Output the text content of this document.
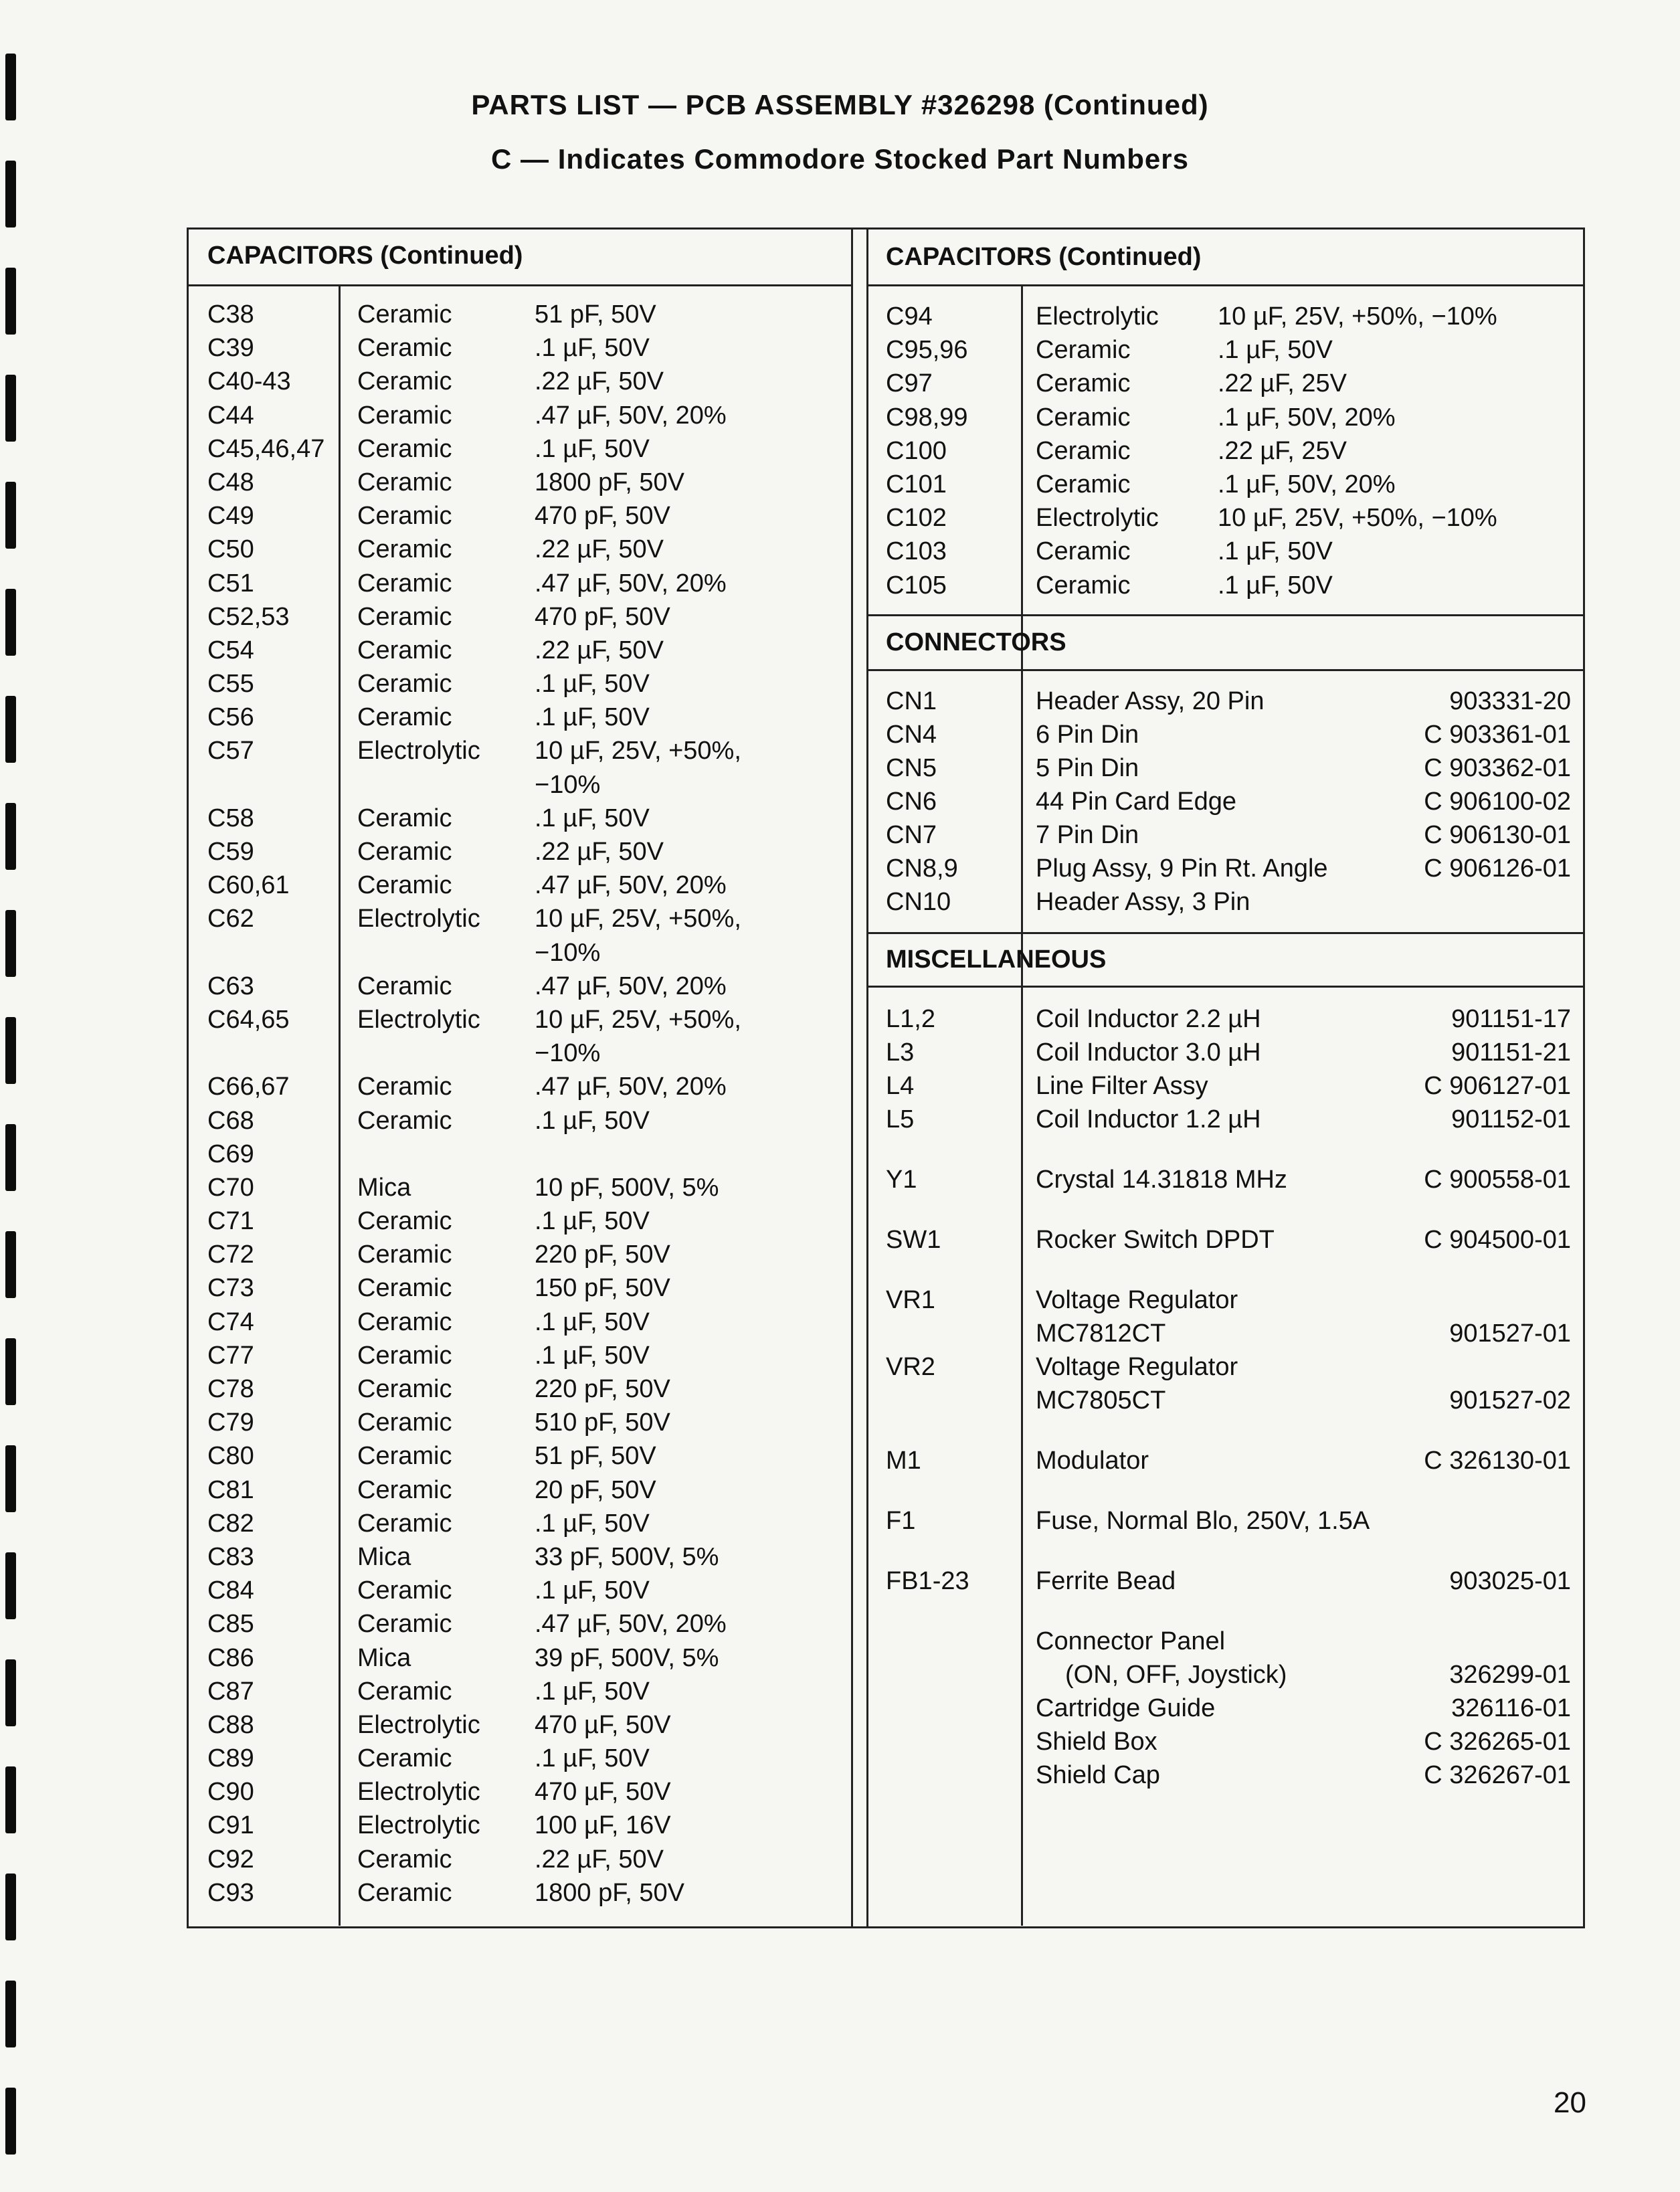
PARTS LIST — PCB ASSEMBLY #326298 (Continued)
C — Indicates Commodore Stocked Part Numbers
CAPACITORS (Continued)
C38	Ceramic	51 pF, 50V
C39	Ceramic	.1 µF, 50V
C40-43	Ceramic	.22 µF, 50V
C44	Ceramic	.47 µF, 50V, 20%
C45,46,47	Ceramic	.1 µF, 50V
C48	Ceramic	1800 pF, 50V
C49	Ceramic	470 pF, 50V
C50	Ceramic	.22 µF, 50V
C51	Ceramic	.47 µF, 50V, 20%
C52,53	Ceramic	470 pF, 50V
C54	Ceramic	.22 µF, 50V
C55	Ceramic	.1 µF, 50V
C56	Ceramic	.1 µF, 50V
C57	Electrolytic	10 µF, 25V, +50%,
−10%
C58	Ceramic	.1 µF, 50V
C59	Ceramic	.22 µF, 50V
C60,61	Ceramic	.47 µF, 50V, 20%
C62	Electrolytic	10 µF, 25V, +50%,
−10%
C63	Ceramic	.47 µF, 50V, 20%
C64,65	Electrolytic	10 µF, 25V, +50%,
−10%
C66,67	Ceramic	.47 µF, 50V, 20%
C68	Ceramic	.1 µF, 50V
C69
C70	Mica	10 pF, 500V, 5%
C71	Ceramic	.1 µF, 50V
C72	Ceramic	220 pF, 50V
C73	Ceramic	150 pF, 50V
C74	Ceramic	.1 µF, 50V
C77	Ceramic	.1 µF, 50V
C78	Ceramic	220 pF, 50V
C79	Ceramic	510 pF, 50V
C80	Ceramic	51 pF, 50V
C81	Ceramic	20 pF, 50V
C82	Ceramic	.1 µF, 50V
C83	Mica	33 pF, 500V, 5%
C84	Ceramic	.1 µF, 50V
C85	Ceramic	.47 µF, 50V, 20%
C86	Mica	39 pF, 500V, 5%
C87	Ceramic	.1 µF, 50V
C88	Electrolytic	470 µF, 50V
C89	Ceramic	.1 µF, 50V
C90	Electrolytic	470 µF, 50V
C91	Electrolytic	100 µF, 16V
C92	Ceramic	.22 µF, 50V
C93	Ceramic	1800 pF, 50V
CAPACITORS (Continued)
C94	Electrolytic	10 µF, 25V, +50%, −10%
C95,96	Ceramic	.1 µF, 50V
C97	Ceramic	.22 µF, 25V
C98,99	Ceramic	.1 µF, 50V, 20%
C100	Ceramic	.22 µF, 25V
C101	Ceramic	.1 µF, 50V, 20%
C102	Electrolytic	10 µF, 25V, +50%, −10%
C103	Ceramic	.1 µF, 50V
C105	Ceramic	.1 µF, 50V
CONNECTORS
CN1	Header Assy, 20 Pin	903331-20
CN4	6 Pin Din	C 903361-01
CN5	5 Pin Din	C 903362-01
CN6	44 Pin Card Edge	C 906100-02
CN7	7 Pin Din	C 906130-01
CN8,9	Plug Assy, 9 Pin Rt. Angle	C 906126-01
CN10	Header Assy, 3 Pin
MISCELLANEOUS
L1,2	Coil Inductor 2.2 µH	901151-17
L3	Coil Inductor 3.0 µH	901151-21
L4	Line Filter Assy	C 906127-01
L5	Coil Inductor 1.2 µH	901152-01
Y1	Crystal 14.31818 MHz	C 900558-01
SW1	Rocker Switch DPDT	C 904500-01
VR1	Voltage Regulator
MC7812CT	901527-01
VR2	Voltage Regulator
MC7805CT	901527-02
M1	Modulator	C 326130-01
F1	Fuse, Normal Blo, 250V, 1.5A
FB1-23	Ferrite Bead	903025-01
Connector Panel
(ON, OFF, Joystick)	326299-01
Cartridge Guide	326116-01
Shield Box	C 326265-01
Shield Cap	C 326267-01
20
